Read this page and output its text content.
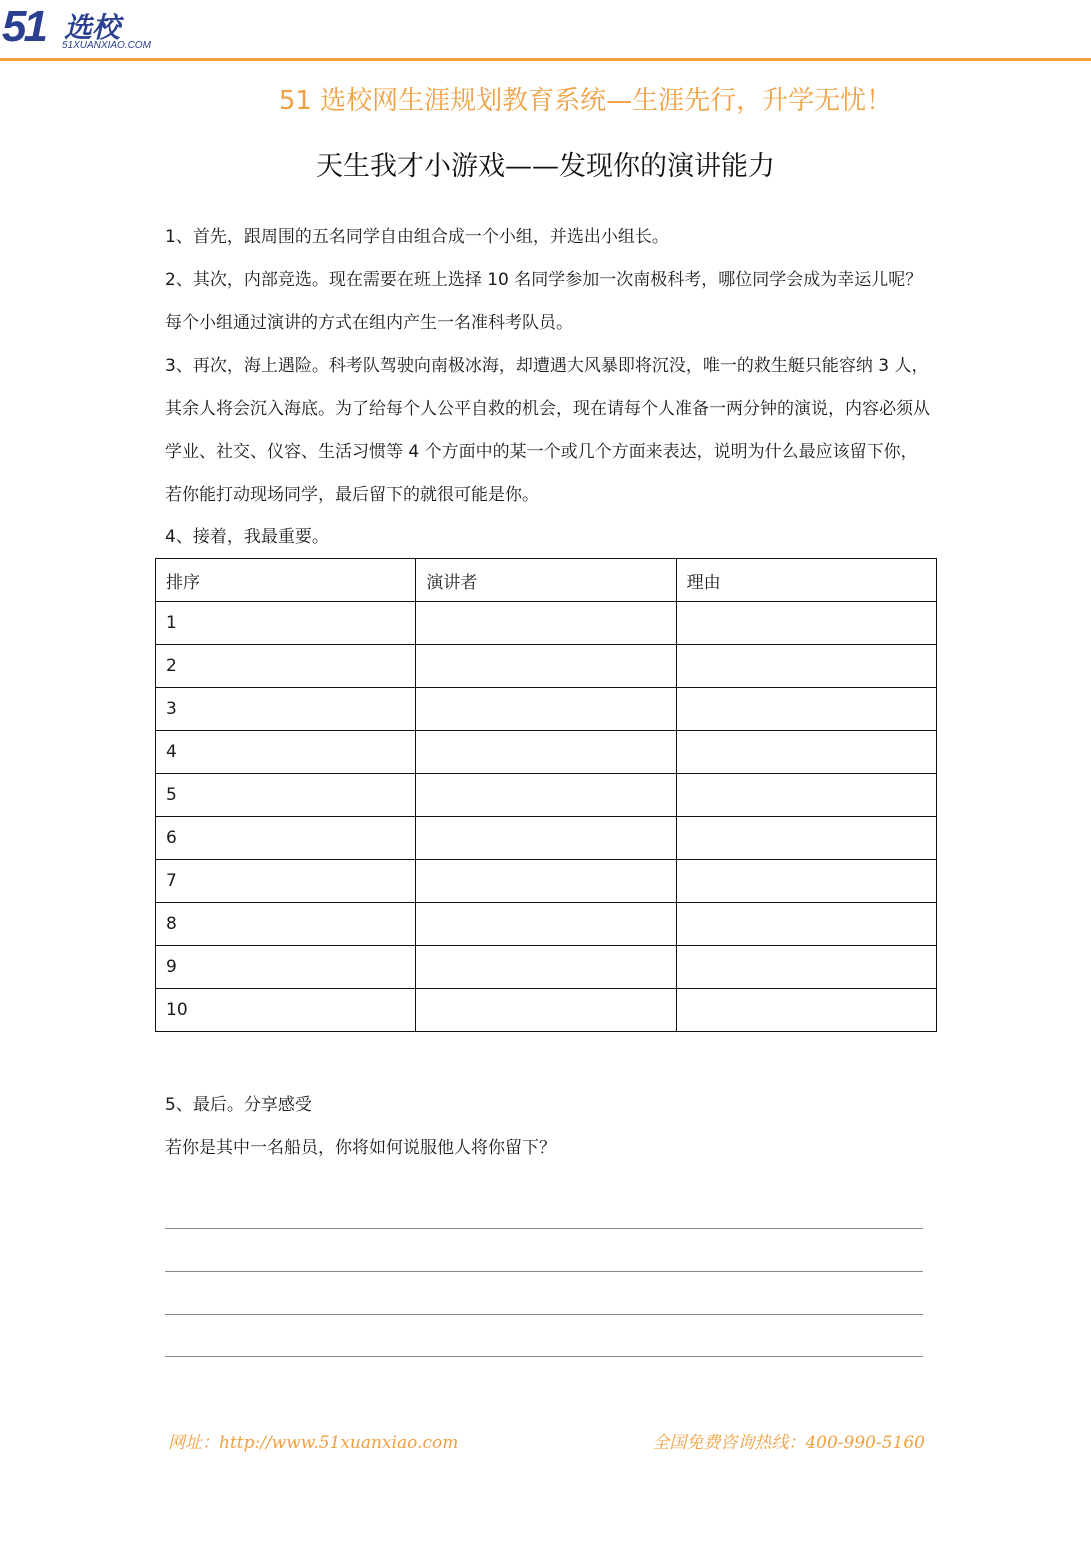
51 选校
51XUANXIAO.COM
51 选校网生涯规划教育系统—生涯先行，升学无忧！
天生我才小游戏——发现你的演讲能力

1、首先，跟周围的五名同学自由组合成一个小组，并选出小组长。

2、其次，内部竞选。现在需要在班上选择 10 名同学参加一次南极科考，哪位同学会成为幸运儿呢？每个小组通过演讲的方式在组内产生一名准科考队员。

3、再次，海上遇险。科考队驾驶向南极冰海，却遭遇大风暴即将沉没，唯一的救生艇只能容纳 3 人，其余人将会沉入海底。为了给每个人公平自救的机会，现在请每个人准备一两分钟的演说，内容必须从学业、社交、仪容、生活习惯等 4 个方面中的某一个或几个方面来表达，说明为什么最应该留下你，若你能打动现场同学，最后留下的就很可能是你。

4、接着，我最重要。

排序	演讲者	理由
1		
2		
3		
4		
5		
6		
7		
8		
9		
10		

5、最后。分享感受

若你是其中一名船员，你将如何说服他人将你留下？

网址：http://www.51xuanxiao.com	全国免费咨询热线：400-990-5160
